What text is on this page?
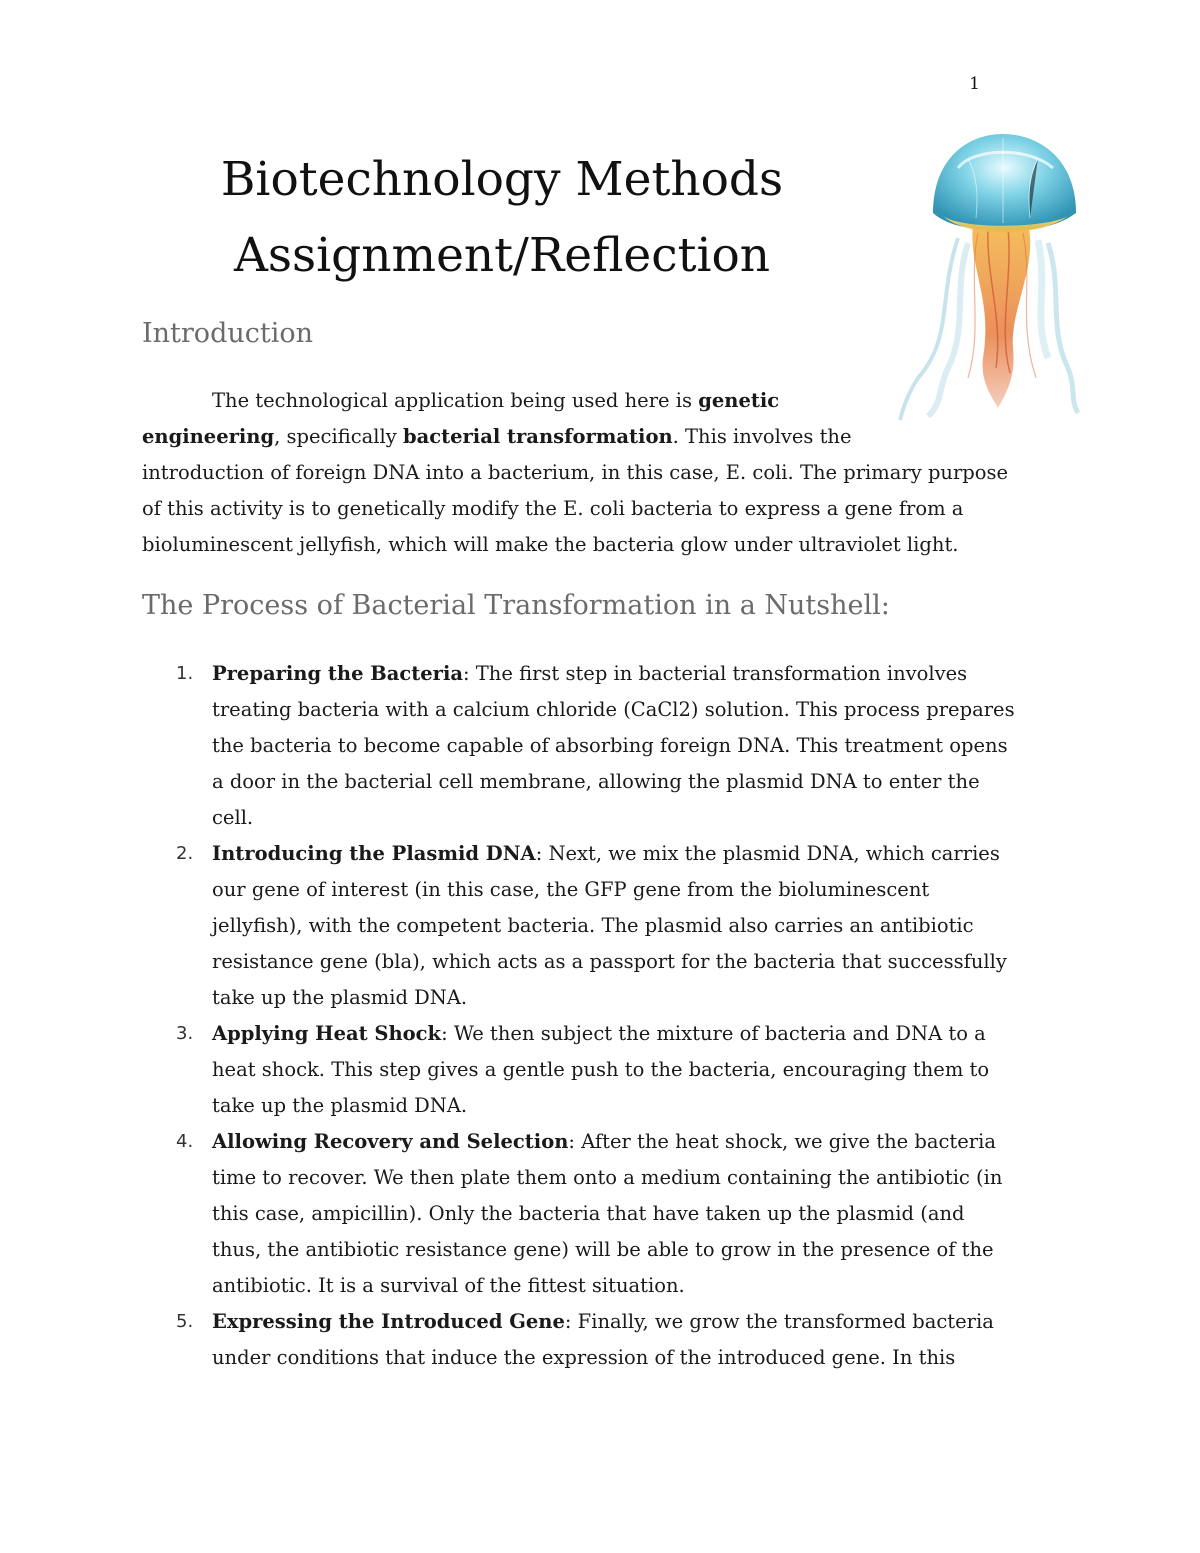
1
Biotechnology Methods
Assignment/Reflection
Introduction

The technological application being used here is genetic
engineering, specifically bacterial transformation. This involves the
introduction of foreign DNA into a bacterium, in this case, E. coli. The primary purpose
of this activity is to genetically modify the E. coli bacteria to express a gene from a
bioluminescent jellyfish, which will make the bacteria glow under ultraviolet light.

The Process of Bacterial Transformation in a Nutshell:
1. Preparing the Bacteria: The first step in bacterial transformation involves
treating bacteria with a calcium chloride (CaCl2) solution. This process prepares
the bacteria to become capable of absorbing foreign DNA. This treatment opens
a door in the bacterial cell membrane, allowing the plasmid DNA to enter the
cell.
2. Introducing the Plasmid DNA: Next, we mix the plasmid DNA, which carries
our gene of interest (in this case, the GFP gene from the bioluminescent
jellyfish), with the competent bacteria. The plasmid also carries an antibiotic
resistance gene (bla), which acts as a passport for the bacteria that successfully
take up the plasmid DNA.
3. Applying Heat Shock: We then subject the mixture of bacteria and DNA to a
heat shock. This step gives a gentle push to the bacteria, encouraging them to
take up the plasmid DNA.
4. Allowing Recovery and Selection: After the heat shock, we give the bacteria
time to recover. We then plate them onto a medium containing the antibiotic (in
this case, ampicillin). Only the bacteria that have taken up the plasmid (and
thus, the antibiotic resistance gene) will be able to grow in the presence of the
antibiotic. It is a survival of the fittest situation.
5. Expressing the Introduced Gene: Finally, we grow the transformed bacteria
under conditions that induce the expression of the introduced gene. In this
